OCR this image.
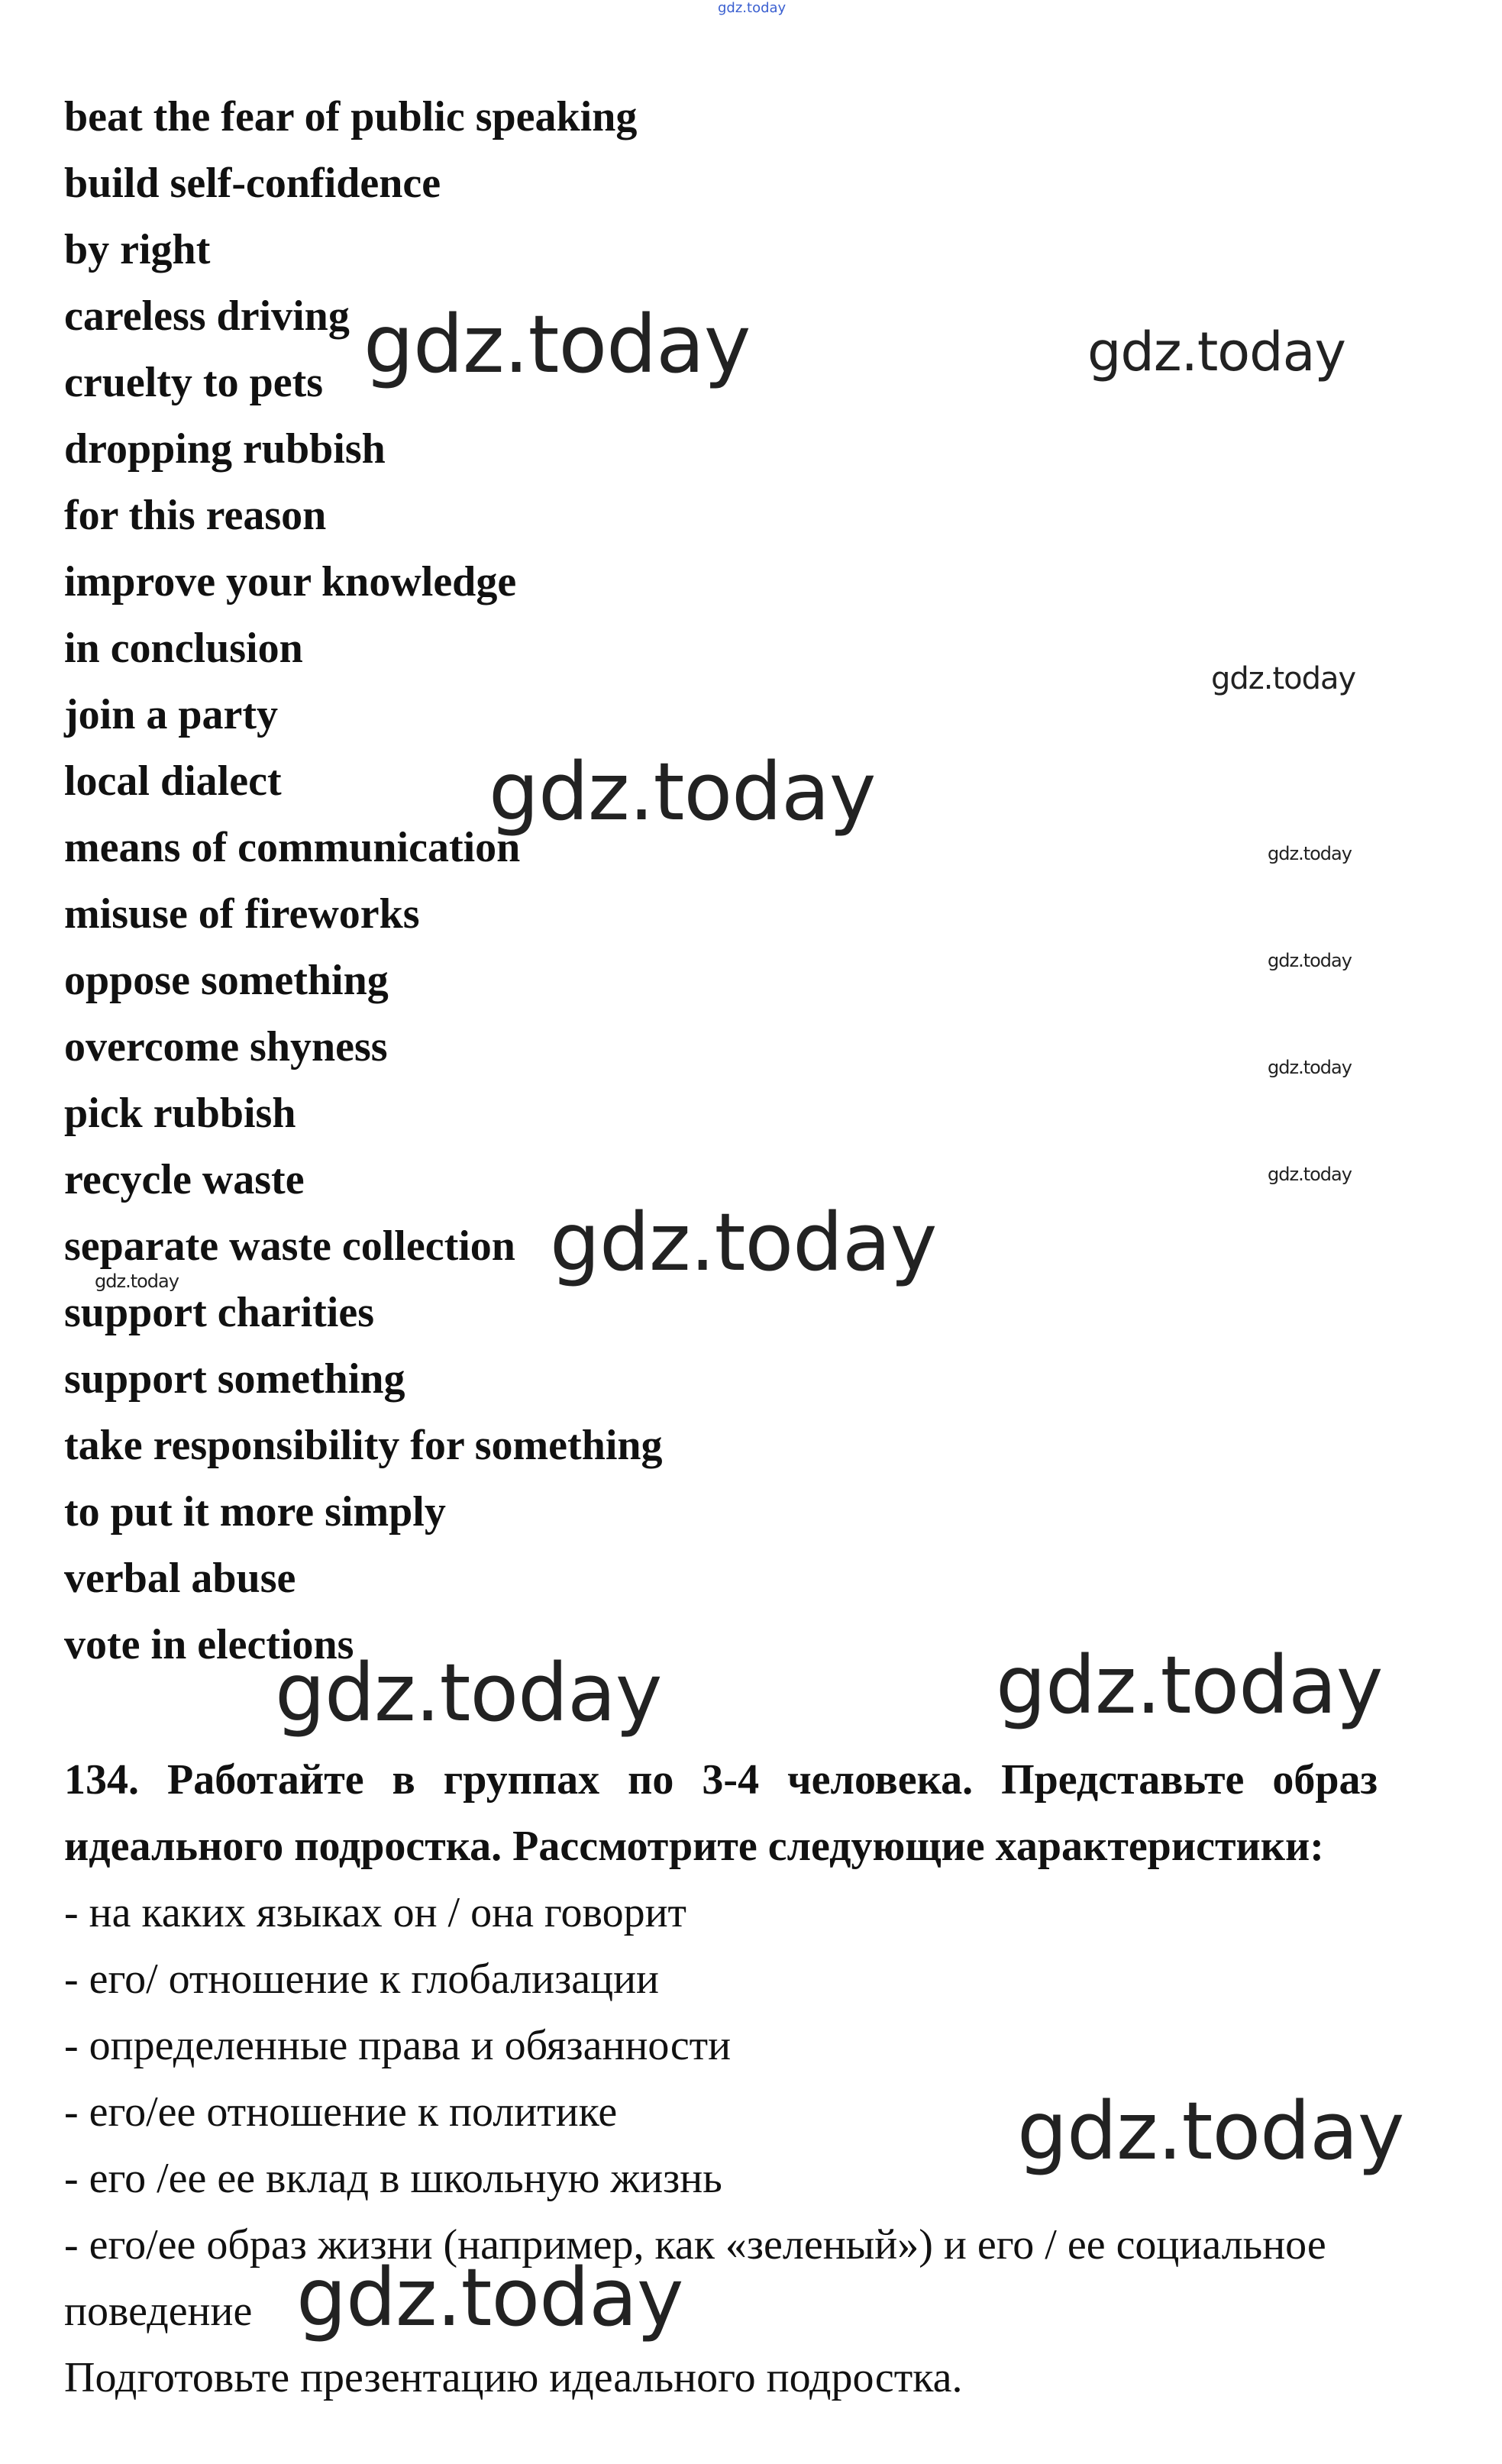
gdz.today
beat the fear of public speaking
build self-confidence
by right
careless driving
cruelty to pets
dropping rubbish
for this reason
improve your knowledge
in conclusion
join a party
local dialect
means of communication
misuse of fireworks
oppose something
overcome shyness
pick rubbish
recycle waste
separate waste collection
support charities
support something
take responsibility for something
to put it more simply
verbal abuse
vote in elections

134. Работайте в группах по 3-4 человека. Представьте образ идеального подростка. Рассмотрите следующие характеристики:

- на каких языках он / она говорит
- его/ отношение к глобализации
- определенные права и обязанности
- его/ее отношение к политике
- его /ее ее вклад в школьную жизнь
- его/ее образ жизни (например, как «зеленый») и его / ее социальное поведение

Подготовьте презентацию идеального подростка.

gdz.today	gdz.today
gdz.today
gdz.today
gdz.today
gdz.today
gdz.today
gdz.today
gdz.today
gdz.today
gdz.today	gdz.today
gdz.today
gdz.today
